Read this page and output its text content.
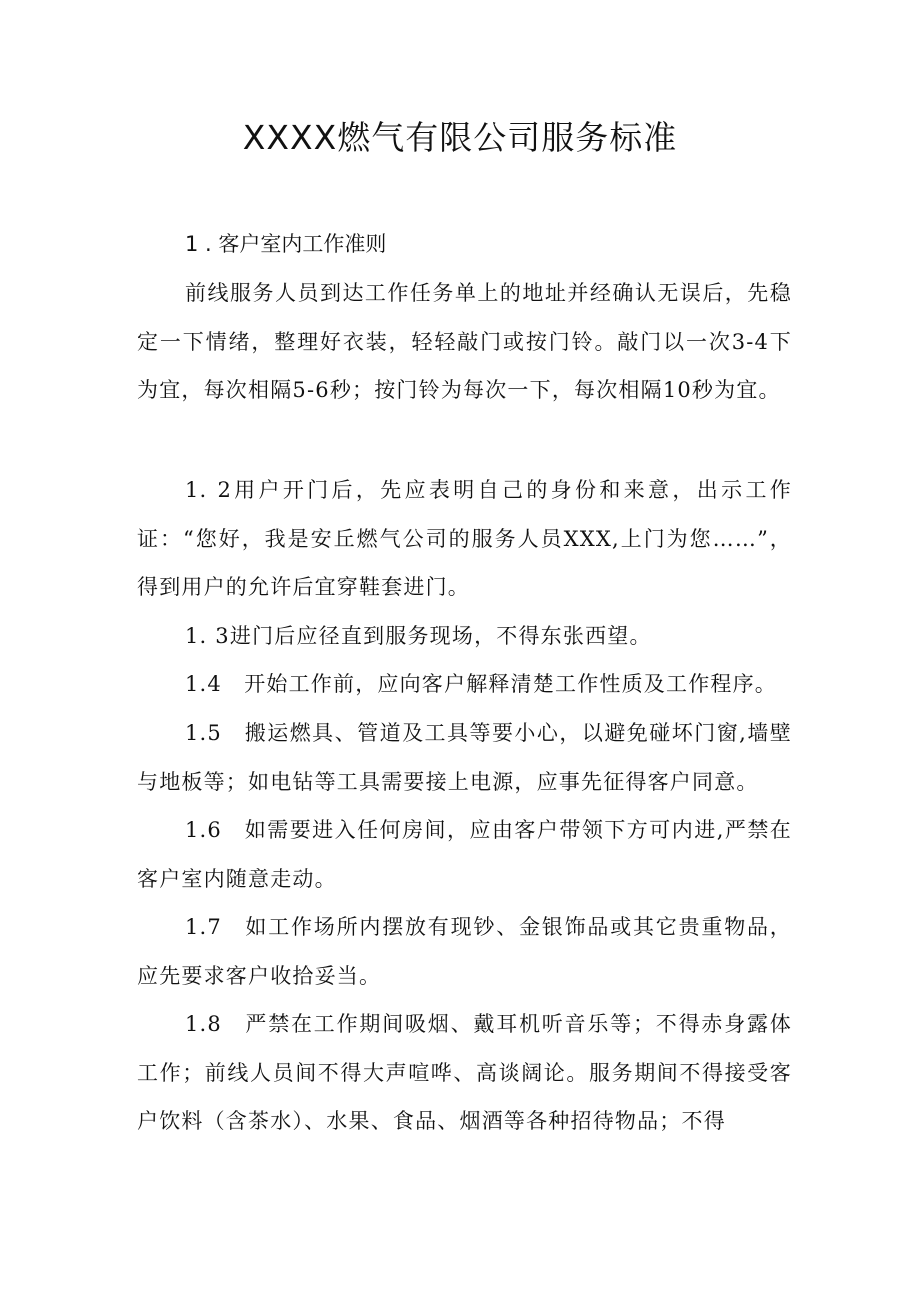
XXXX燃气有限公司服务标准
1 . 客户室内工作准则

前线服务人员到达工作任务单上的地址并经确认无误后，先稳定一下情绪，整理好衣装，轻轻敲门或按门铃。敲门以一次3-4下为宜，每次相隔5-6秒；按门铃为每次一下，每次相隔10秒为宜。

1. 2用户开门后，先应表明自己的身份和来意，出示工作证：“您好，我是安丘燃气公司的服务人员XXX,上门为您……”，得到用户的允许后宜穿鞋套进门。

1. 3进门后应径直到服务现场，不得东张西望。

1.4　开始工作前，应向客户解释清楚工作性质及工作程序。

1.5　搬运燃具、管道及工具等要小心，以避免碰坏门窗,墙壁与地板等；如电钻等工具需要接上电源，应事先征得客户同意。

1.6　如需要进入任何房间，应由客户带领下方可内进,严禁在客户室内随意走动。

1.7　如工作场所内摆放有现钞、金银饰品或其它贵重物品，应先要求客户收拾妥当。

1.8　严禁在工作期间吸烟、戴耳机听音乐等；不得赤身露体工作；前线人员间不得大声喧哗、高谈阔论。服务期间不得接受客户饮料（含茶水）、水果、食品、烟酒等各种招待物品；不得
